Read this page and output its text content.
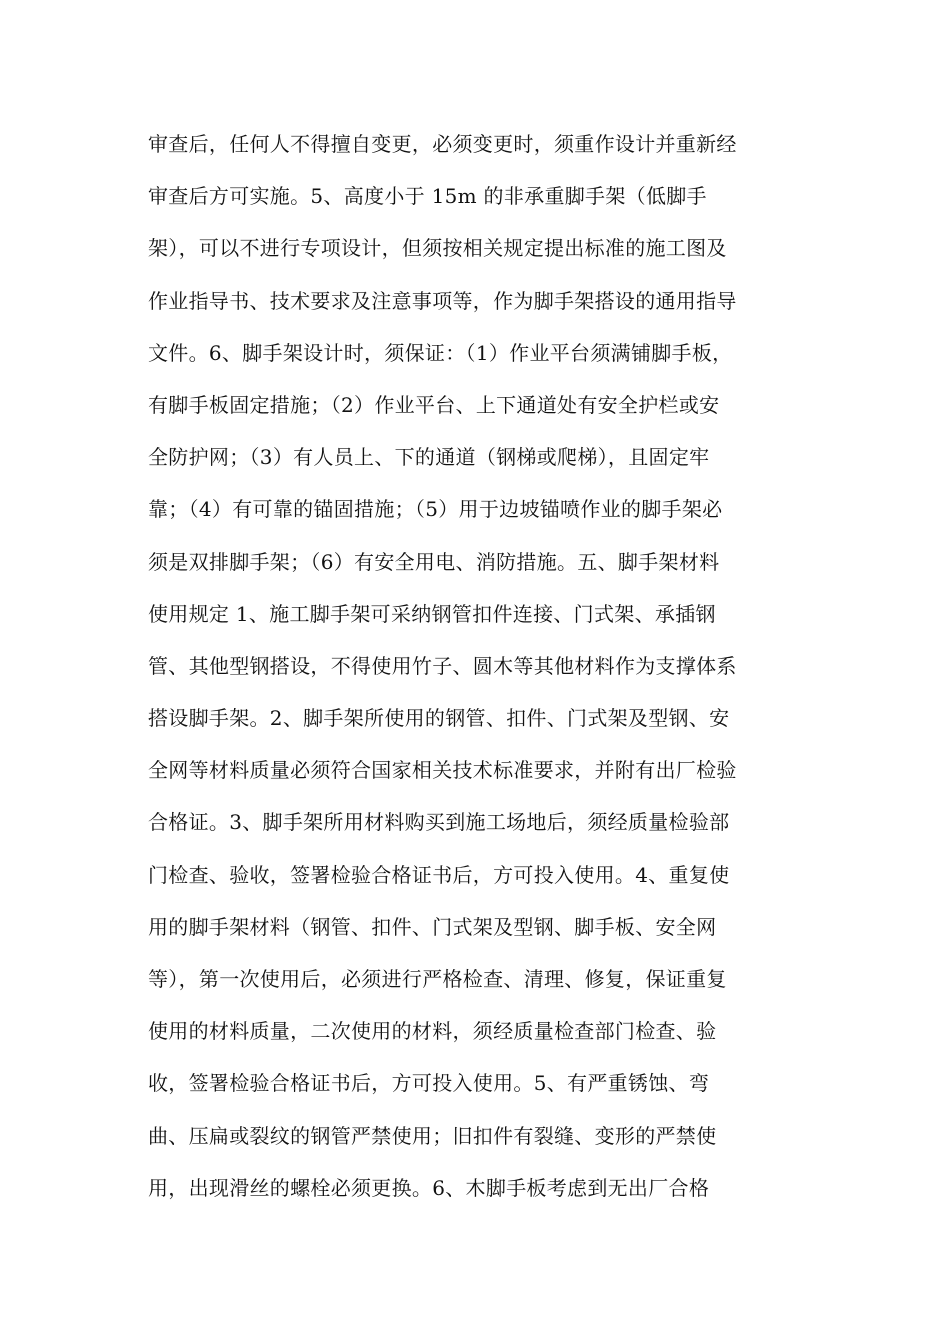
审查后，任何人不得擅自变更，必须变更时，须重作设计并重新经
审查后方可实施。5、高度小于 15m 的非承重脚手架（低脚手
架），可以不进行专项设计，但须按相关规定提出标准的施工图及
作业指导书、技术要求及注意事项等，作为脚手架搭设的通用指导
文件。6、脚手架设计时，须保证：（1）作业平台须满铺脚手板，
有脚手板固定措施；（2）作业平台、上下通道处有安全护栏或安
全防护网；（3）有人员上、下的通道（钢梯或爬梯），且固定牢
靠；（4）有可靠的锚固措施；（5）用于边坡锚喷作业的脚手架必
须是双排脚手架；（6）有安全用电、消防措施。五、脚手架材料
使用规定 1、施工脚手架可采纳钢管扣件连接、门式架、承插钢
管、其他型钢搭设，不得使用竹子、圆木等其他材料作为支撑体系
搭设脚手架。2、脚手架所使用的钢管、扣件、门式架及型钢、安
全网等材料质量必须符合国家相关技术标准要求，并附有出厂检验
合格证。3、脚手架所用材料购买到施工场地后，须经质量检验部
门检查、验收，签署检验合格证书后，方可投入使用。4、重复使
用的脚手架材料（钢管、扣件、门式架及型钢、脚手板、安全网
等），第一次使用后，必须进行严格检查、清理、修复，保证重复
使用的材料质量，二次使用的材料，须经质量检查部门检查、验
收，签署检验合格证书后，方可投入使用。5、有严重锈蚀、弯
曲、压扁或裂纹的钢管严禁使用；旧扣件有裂缝、变形的严禁使
用，出现滑丝的螺栓必须更换。6、木脚手板考虑到无出厂合格
